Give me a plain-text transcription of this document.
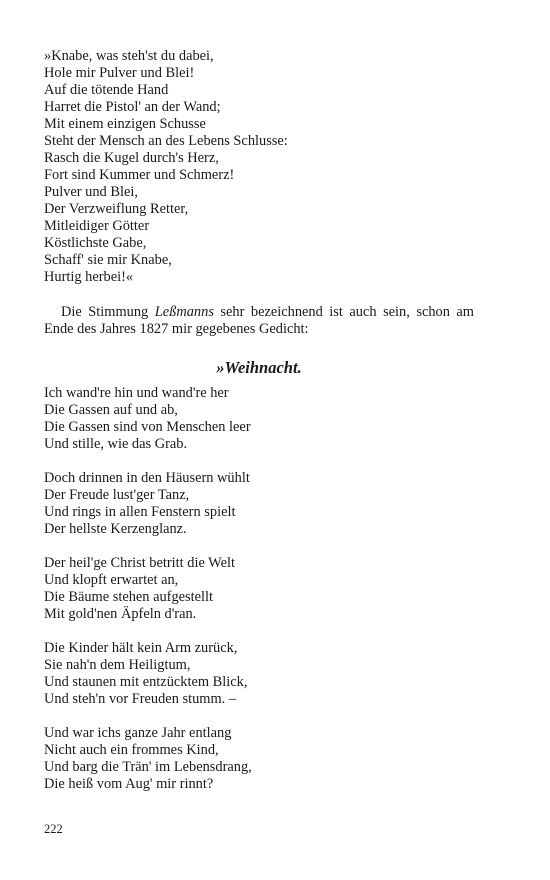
»Knabe, was steh'st du dabei,
Hole mir Pulver und Blei!
Auf die tötende Hand
Harret die Pistol' an der Wand;
Mit einem einzigen Schusse
Steht der Mensch an des Lebens Schlusse:
Rasch die Kugel durch's Herz,
Fort sind Kummer und Schmerz!
Pulver und Blei,
Der Verzweiflung Retter,
Mitleidiger Götter
Köstlichste Gabe,
Schaff' sie mir Knabe,
Hurtig herbei!«

Die Stimmung Leßmanns sehr bezeichnend ist auch sein, schon am Ende des Jahres 1827 mir gegebenes Gedicht:

»Weihnacht.
Ich wand're hin und wand're her
Die Gassen auf und ab,
Die Gassen sind von Menschen leer
Und stille, wie das Grab.
Doch drinnen in den Häusern wühlt
Der Freude lust'ger Tanz,
Und rings in allen Fenstern spielt
Der hellste Kerzenglanz.
Der heil'ge Christ betritt die Welt
Und klopft erwartet an,
Die Bäume stehen aufgestellt
Mit gold'nen Äpfeln d'ran.
Die Kinder hält kein Arm zurück,
Sie nah'n dem Heiligtum,
Und staunen mit entzücktem Blick,
Und steh'n vor Freuden stumm. –
Und war ichs ganze Jahr entlang
Nicht auch ein frommes Kind,
Und barg die Trän' im Lebensdrang,
Die heiß vom Aug' mir rinnt?
222
